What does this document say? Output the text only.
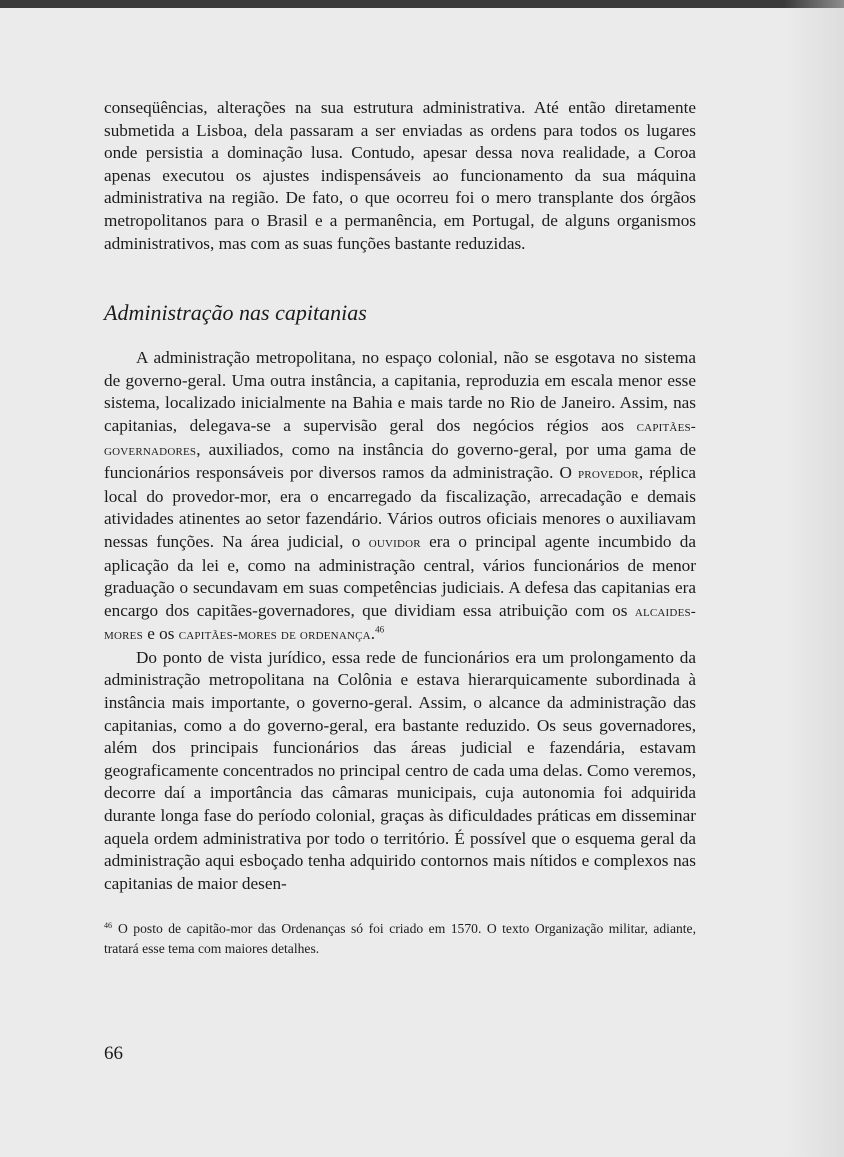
conseqüências, alterações na sua estrutura administrativa. Até então diretamente submetida a Lisboa, dela passaram a ser enviadas as ordens para todos os lugares onde persistia a dominação lusa. Contudo, apesar dessa nova realidade, a Coroa apenas executou os ajustes indispensáveis ao funcionamento da sua máquina administrativa na região. De fato, o que ocorreu foi o mero transplante dos órgãos metropolitanos para o Brasil e a permanência, em Portugal, de alguns organismos administrativos, mas com as suas funções bastante reduzidas.

Administração nas capitanias

A administração metropolitana, no espaço colonial, não se esgotava no sistema de governo-geral. Uma outra instância, a capitania, reproduzia em escala menor esse sistema, localizado inicialmente na Bahia e mais tarde no Rio de Janeiro. Assim, nas capitanias, delegava-se a supervisão geral dos negócios régios aos capitães-governadores, auxiliados, como na instância do governo-geral, por uma gama de funcionários responsáveis por diversos ramos da administração. O provedor, réplica local do provedor-mor, era o encarregado da fiscalização, arrecadação e demais atividades atinentes ao setor fazendário. Vários outros oficiais menores o auxiliavam nessas funções. Na área judicial, o ouvidor era o principal agente incumbido da aplicação da lei e, como na administração central, vários funcionários de menor graduação o secundavam em suas competências judiciais. A defesa das capitanias era encargo dos capitães-governadores, que dividiam essa atribuição com os alcaides-mores e os capitães-mores de ordenança.$^{46}$

Do ponto de vista jurídico, essa rede de funcionários era um prolongamento da administração metropolitana na Colônia e estava hierarquicamente subordinada à instância mais importante, o governo-geral. Assim, o alcance da administração das capitanias, como a do governo-geral, era bastante reduzido. Os seus governadores, além dos principais funcionários das áreas judicial e fazendária, estavam geograficamente concentrados no principal centro de cada uma delas. Como veremos, decorre daí a importância das câmaras municipais, cuja autonomia foi adquirida durante longa fase do período colonial, graças às dificuldades práticas em disseminar aquela ordem administrativa por todo o território. É possível que o esquema geral da administração aqui esboçado tenha adquirido contornos mais nítidos e complexos nas capitanias de maior desen-

$^{46}$ O posto de capitão-mor das Ordenanças só foi criado em 1570. O texto Organização militar, adiante, tratará esse tema com maiores detalhes.

66
